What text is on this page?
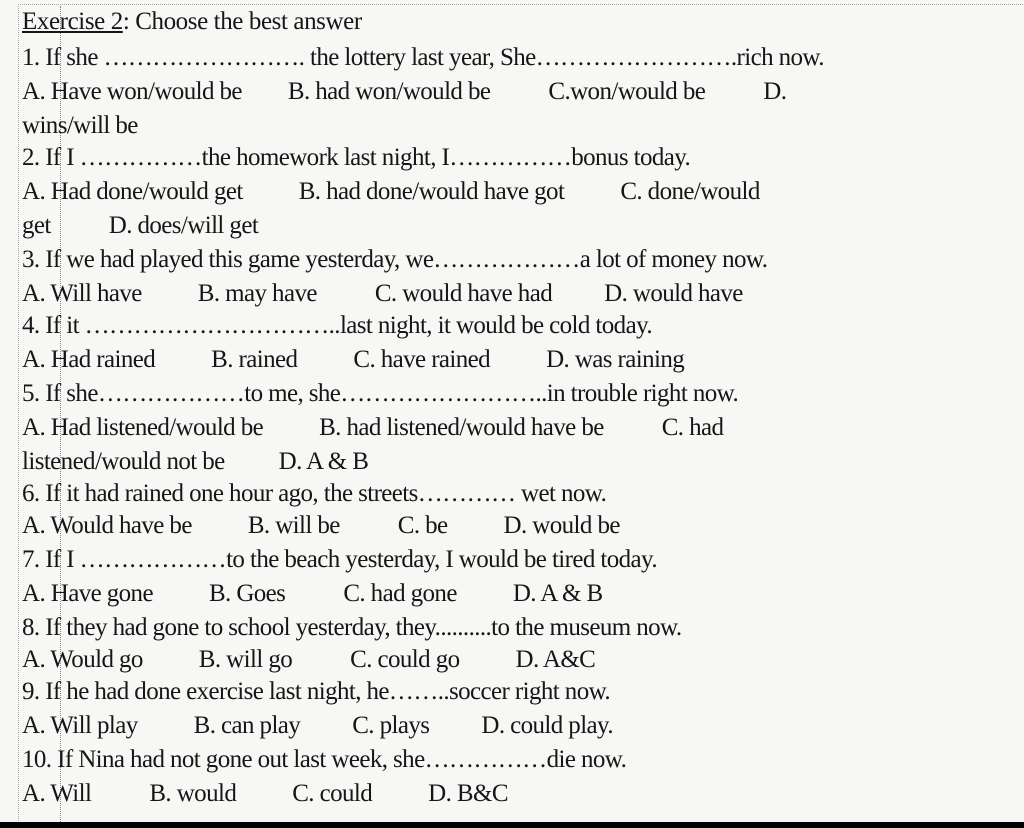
Exercise 2: Choose the best answer
1. If she ……………………. the lottery last year, She…………………….rich now.
A. Have won/would be B. had won/would be C.won/would be D.
wins/will be
2. If I ……………the homework last night, I……………bonus today.
A. Had done/would get B. had done/would have got C. done/would
get D. does/will get
3. If we had played this game yesterday, we………………a lot of money now.
A. Will have B. may have C. would have had D. would have
4. If it …………………………..last night, it would be cold today.
A. Had rained B. rained C. have rained D. was raining
5. If she………………to me, she……………………..in trouble right now.
A. Had listened/would be B. had listened/would have be C. had
listened/would not be D. A & B
6. If it had rained one hour ago, the streets………… wet now.
A. Would have be B. will be C. be D. would be
7. If I ………………to the beach yesterday, I would be tired today.
A. Have gone B. Goes C. had gone D. A & B
8. If they had gone to school yesterday, they..........to the museum now.
A. Would go B. will go C. could go D. A&C
9. If he had done exercise last night, he……..soccer right now.
A. Will play B. can play C. plays D. could play.
10. If Nina had not gone out last week, she……………die now.
A. Will B. would C. could D. B&C
